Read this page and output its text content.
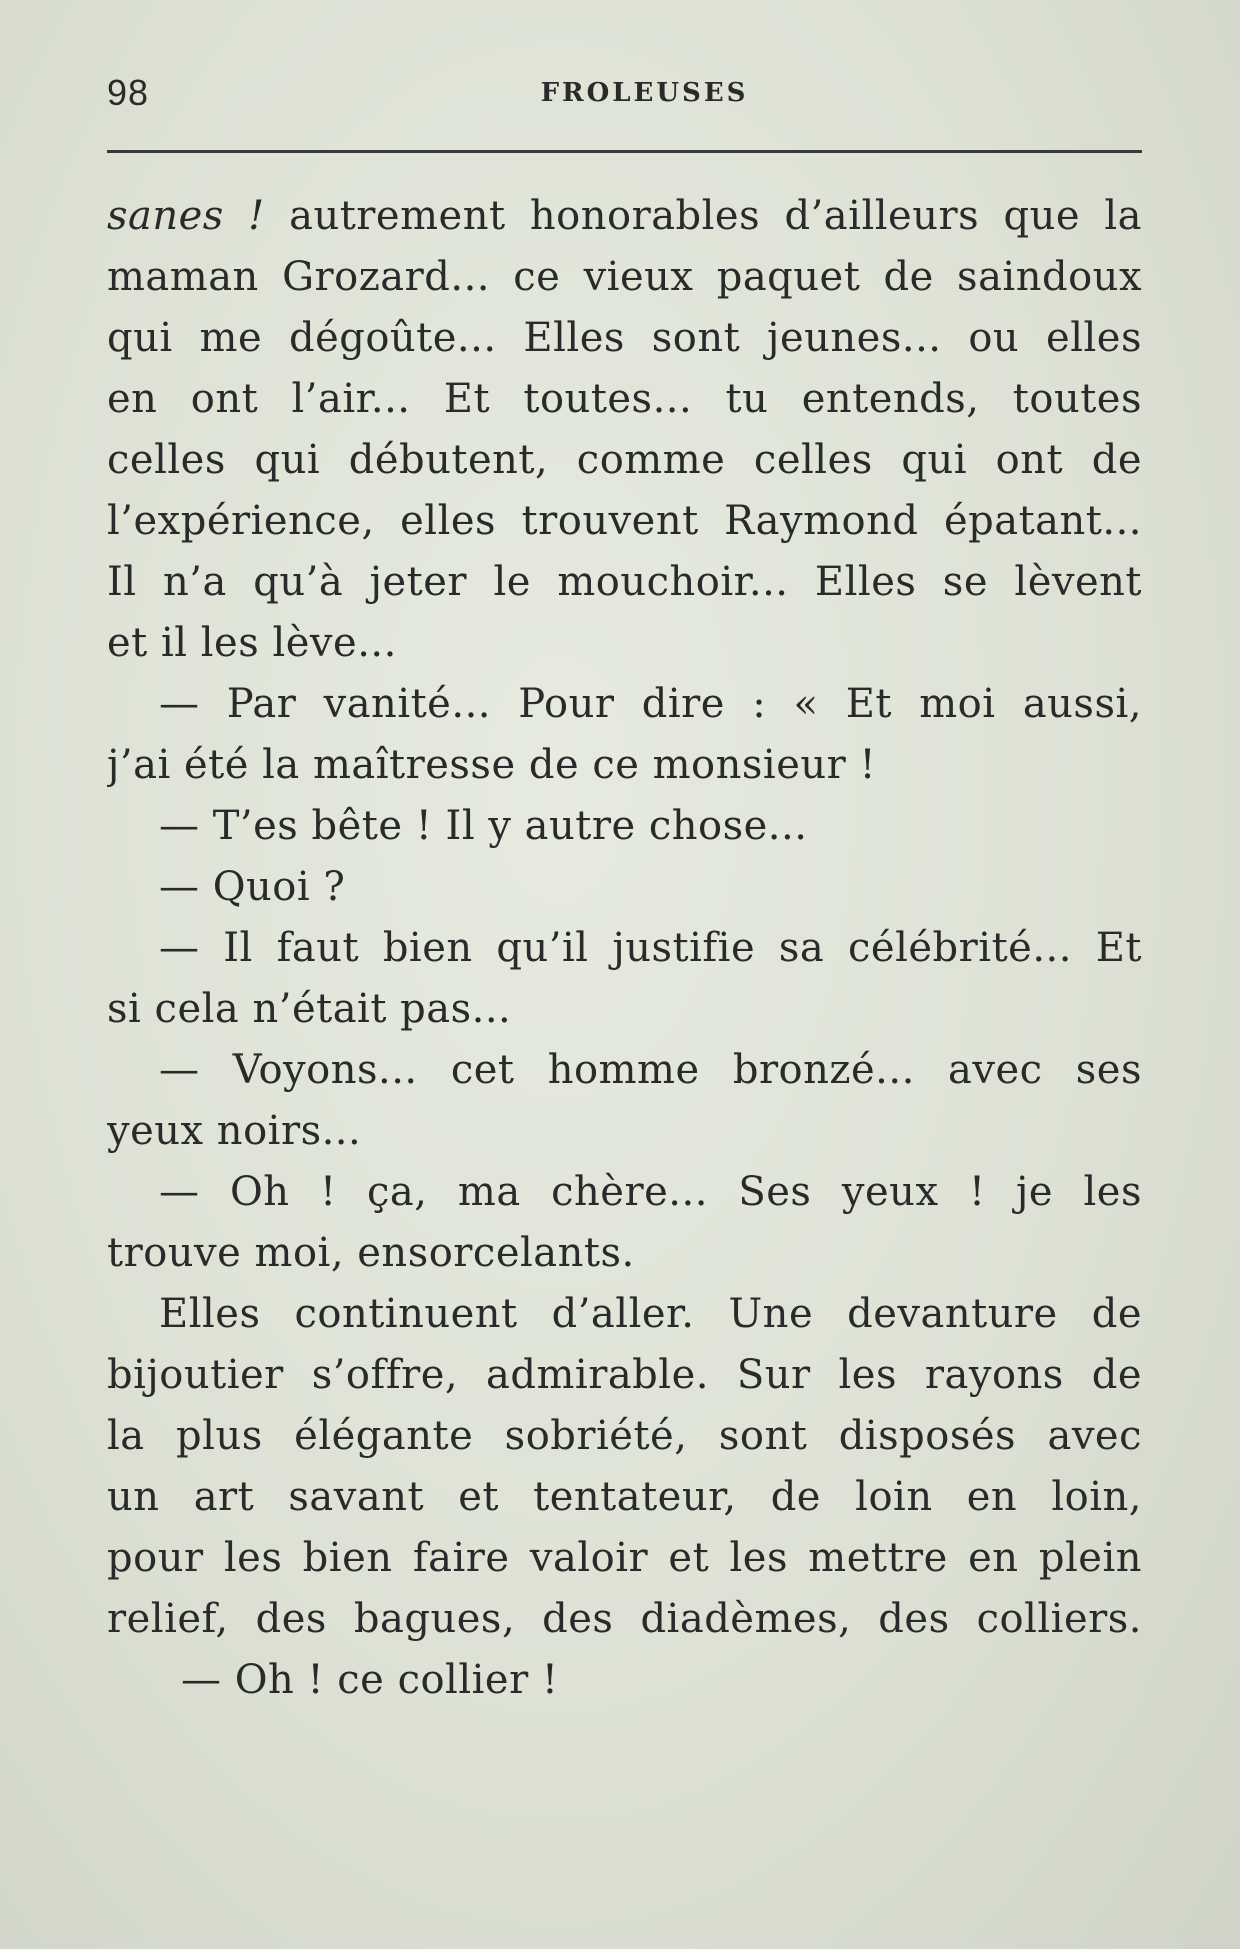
98	FROLEUSES
sanes ! autrement honorables d’ailleurs que la
maman Grozard... ce vieux paquet de saindoux
qui me dégoûte... Elles sont jeunes... ou elles
en ont l’air... Et toutes... tu entends, toutes
celles qui débutent, comme celles qui ont de
l’expérience, elles trouvent Raymond épatant...
Il n’a qu’à jeter le mouchoir... Elles se lèvent
et il les lève...
— Par vanité... Pour dire : « Et moi aussi,
j’ai été la maîtresse de ce monsieur !
— T’es bête ! Il y autre chose...
— Quoi ?
— Il faut bien qu’il justifie sa célébrité... Et
si cela n’était pas...
— Voyons... cet homme bronzé... avec ses
yeux noirs...
— Oh ! ça, ma chère... Ses yeux ! je les
trouve moi, ensorcelants.
Elles continuent d’aller. Une devanture de
bijoutier s’offre, admirable. Sur les rayons de
la plus élégante sobriété, sont disposés avec
un art savant et tentateur, de loin en loin,
pour les bien faire valoir et les mettre en plein
relief, des bagues, des diadèmes, des colliers.
— Oh ! ce collier !
